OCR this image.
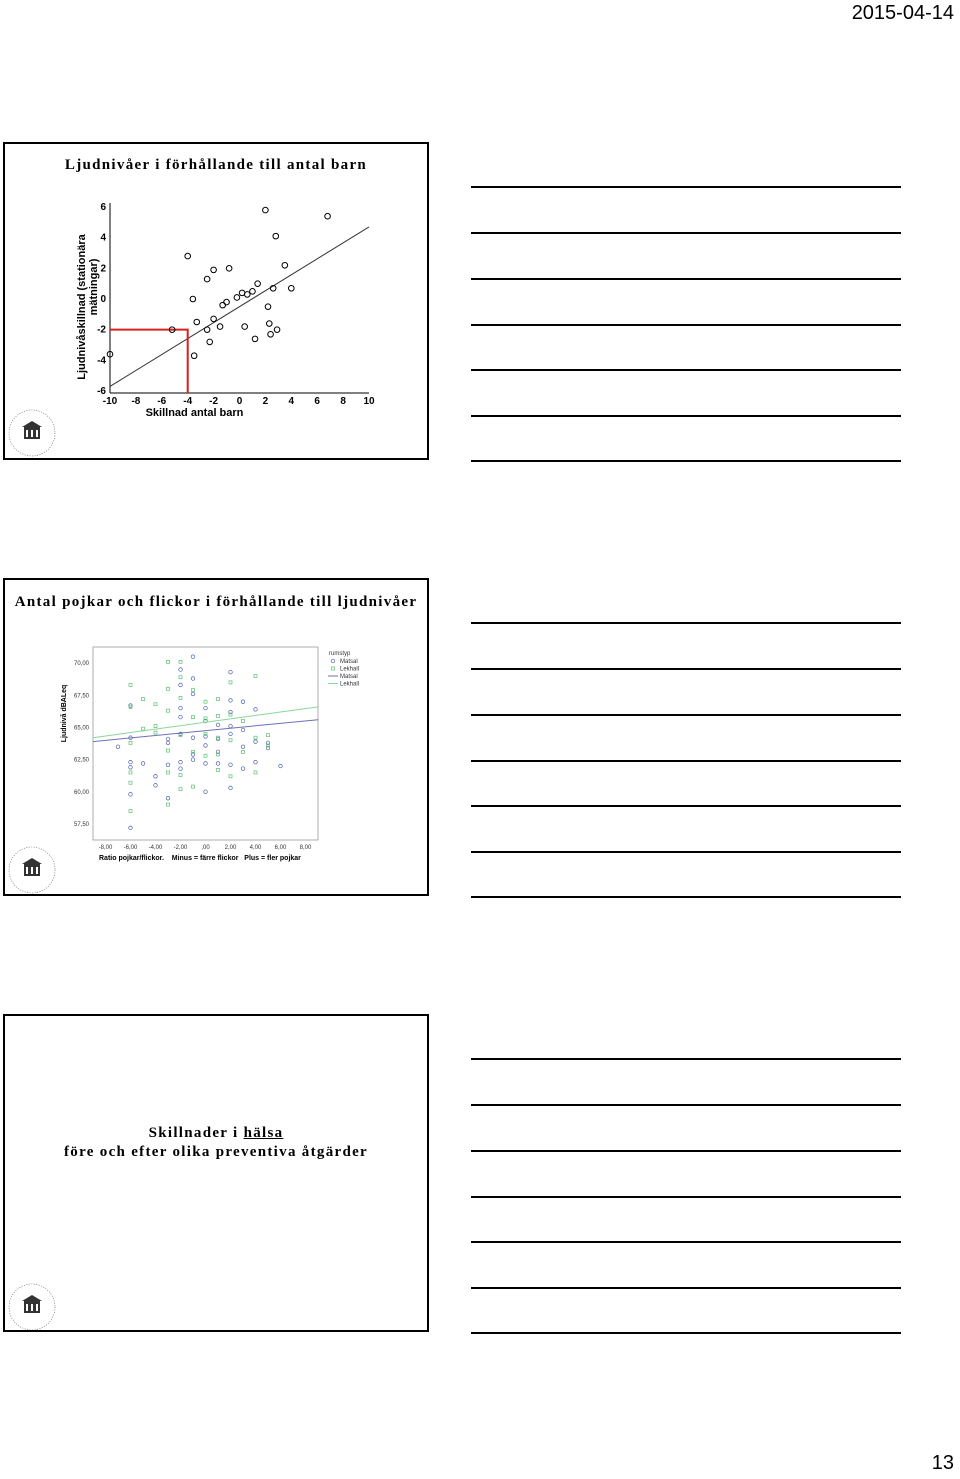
2015-04-14
Ljudnivåer i förhållande till antal barn
-10 -8 -6 -4 -2 0 2 4 6 8 10
6
4
2
0
-2
-4
-6
Skillnad antal barn
Ljudnivåskillnad (stationära mätningar)
Antal pojkar och flickor i förhållande till ljudnivåer
-8,00 -6,00 -4,00 -2,00 ,00 2,00 4,00 6,00 8,00
70,00
67,50
65,00
62,50
60,00
57,50
Ratio pojkar/flickor.    Minus = färre flickor   Plus = fler pojkar
Ljudnivå dBALeq
rumstyp
Matsal
Lekhall
Matsal
Lekhall
Skillnader i hälsa
före och efter olika preventiva åtgärder
13
